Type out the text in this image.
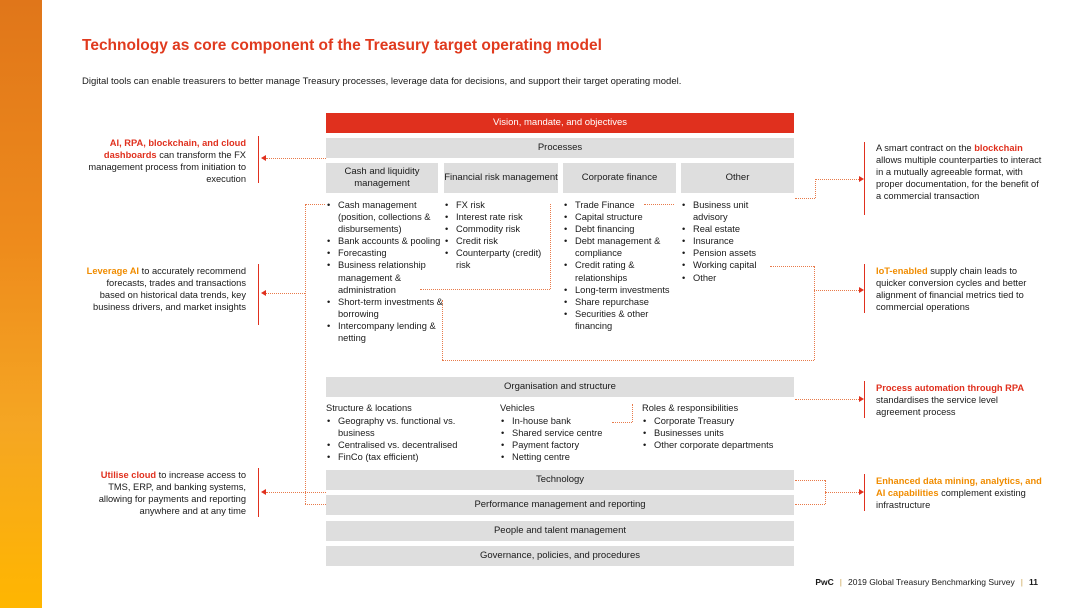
Technology as core component of the Treasury target operating model
Digital tools can enable treasurers to better manage Treasury processes, leverage data for decisions, and support their target operating model.
Vision, mandate, and objectives
Processes
Cash and liquidity management
Financial risk management	Corporate finance	Other
• Cash management (position, collections & disbursements)
• Bank accounts & pooling
• Forecasting
• Business relationship management & administration
• Short-term investments & borrowing
• Intercompany lending & netting
• FX risk
• Interest rate risk
• Commodity risk
• Credit risk
• Counterparty (credit) risk
• Trade Finance
• Capital structure
• Debt financing
• Debt management & compliance
• Credit rating & relationships
• Long-term investments
• Share repurchase
• Securities & other financing
• Business unit advisory
• Real estate
• Insurance
• Pension assets
• Working capital
• Other
Organisation and structure
Structure & locations
• Geography vs. functional vs. business
• Centralised vs. decentralised
• FinCo (tax efficient)
Vehicles
• In-house bank
• Shared service centre
• Payment factory
• Netting centre
Roles & responsibilities
• Corporate Treasury
• Businesses units
• Other corporate departments
Technology
Performance management and reporting
People and talent management
Governance, policies, and procedures
AI, RPA, blockchain, and cloud dashboards can transform the FX management process from initiation to execution
Leverage AI to accurately recommend forecasts, trades and transactions based on historical data trends, key business drivers, and market insights
Utilise cloud to increase access to TMS, ERP, and banking systems, allowing for payments and reporting anywhere and at any time
A smart contract on the blockchain allows multiple counterparties to interact in a mutually agreeable format, with proper documentation, for the benefit of a commercial transaction
IoT-enabled supply chain leads to quicker conversion cycles and better alignment of financial metrics tied to commercial operations
Process automation through RPA standardises the service level agreement process
Enhanced data mining, analytics, and AI capabilities complement existing infrastructure
PwC | 2019 Global Treasury Benchmarking Survey | 11
